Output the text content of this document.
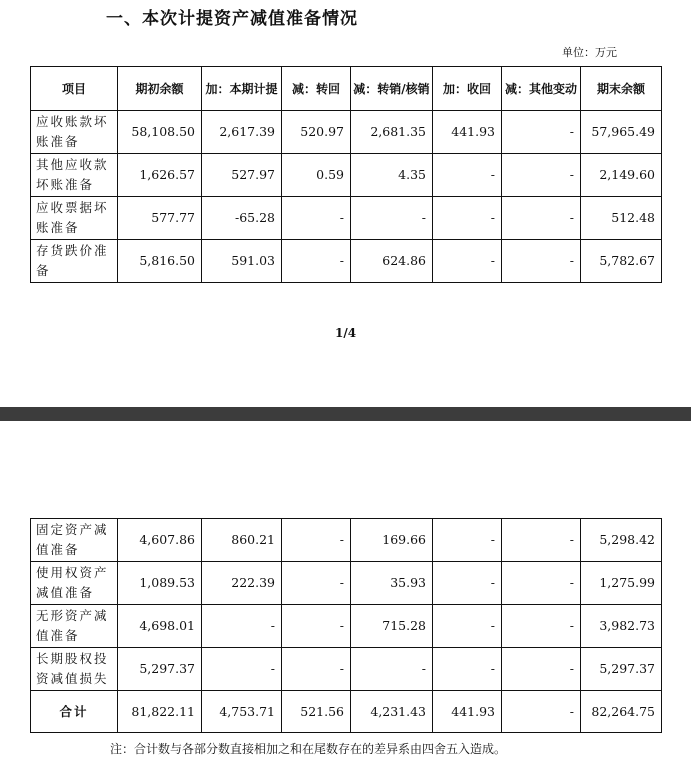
一、本次计提资产减值准备情况
单位：万元
项目	期初余额	加：本期计提	减：转回	减：转销/核销	加：收回	减：其他变动	期末余额
应收账款坏账准备	58,108.50	2,617.39	520.97	2,681.35	441.93	-	57,965.49
其他应收款坏账准备	1,626.57	527.97	0.59	4.35	-	-	2,149.60
应收票据坏账准备	577.77	-65.28	-	-	-	-	512.48
存货跌价准备	5,816.50	591.03	-	624.86	-	-	5,782.67
1/4
固定资产减值准备	4,607.86	860.21	-	169.66	-	-	5,298.42
使用权资产减值准备	1,089.53	222.39	-	35.93	-	-	1,275.99
无形资产减值准备	4,698.01	-	-	715.28	-	-	3,982.73
长期股权投资减值损失	5,297.37	-	-	-	-	-	5,297.37
合计	81,822.11	4,753.71	521.56	4,231.43	441.93	-	82,264.75
注：合计数与各部分数直接相加之和在尾数存在的差异系由四舍五入造成。
